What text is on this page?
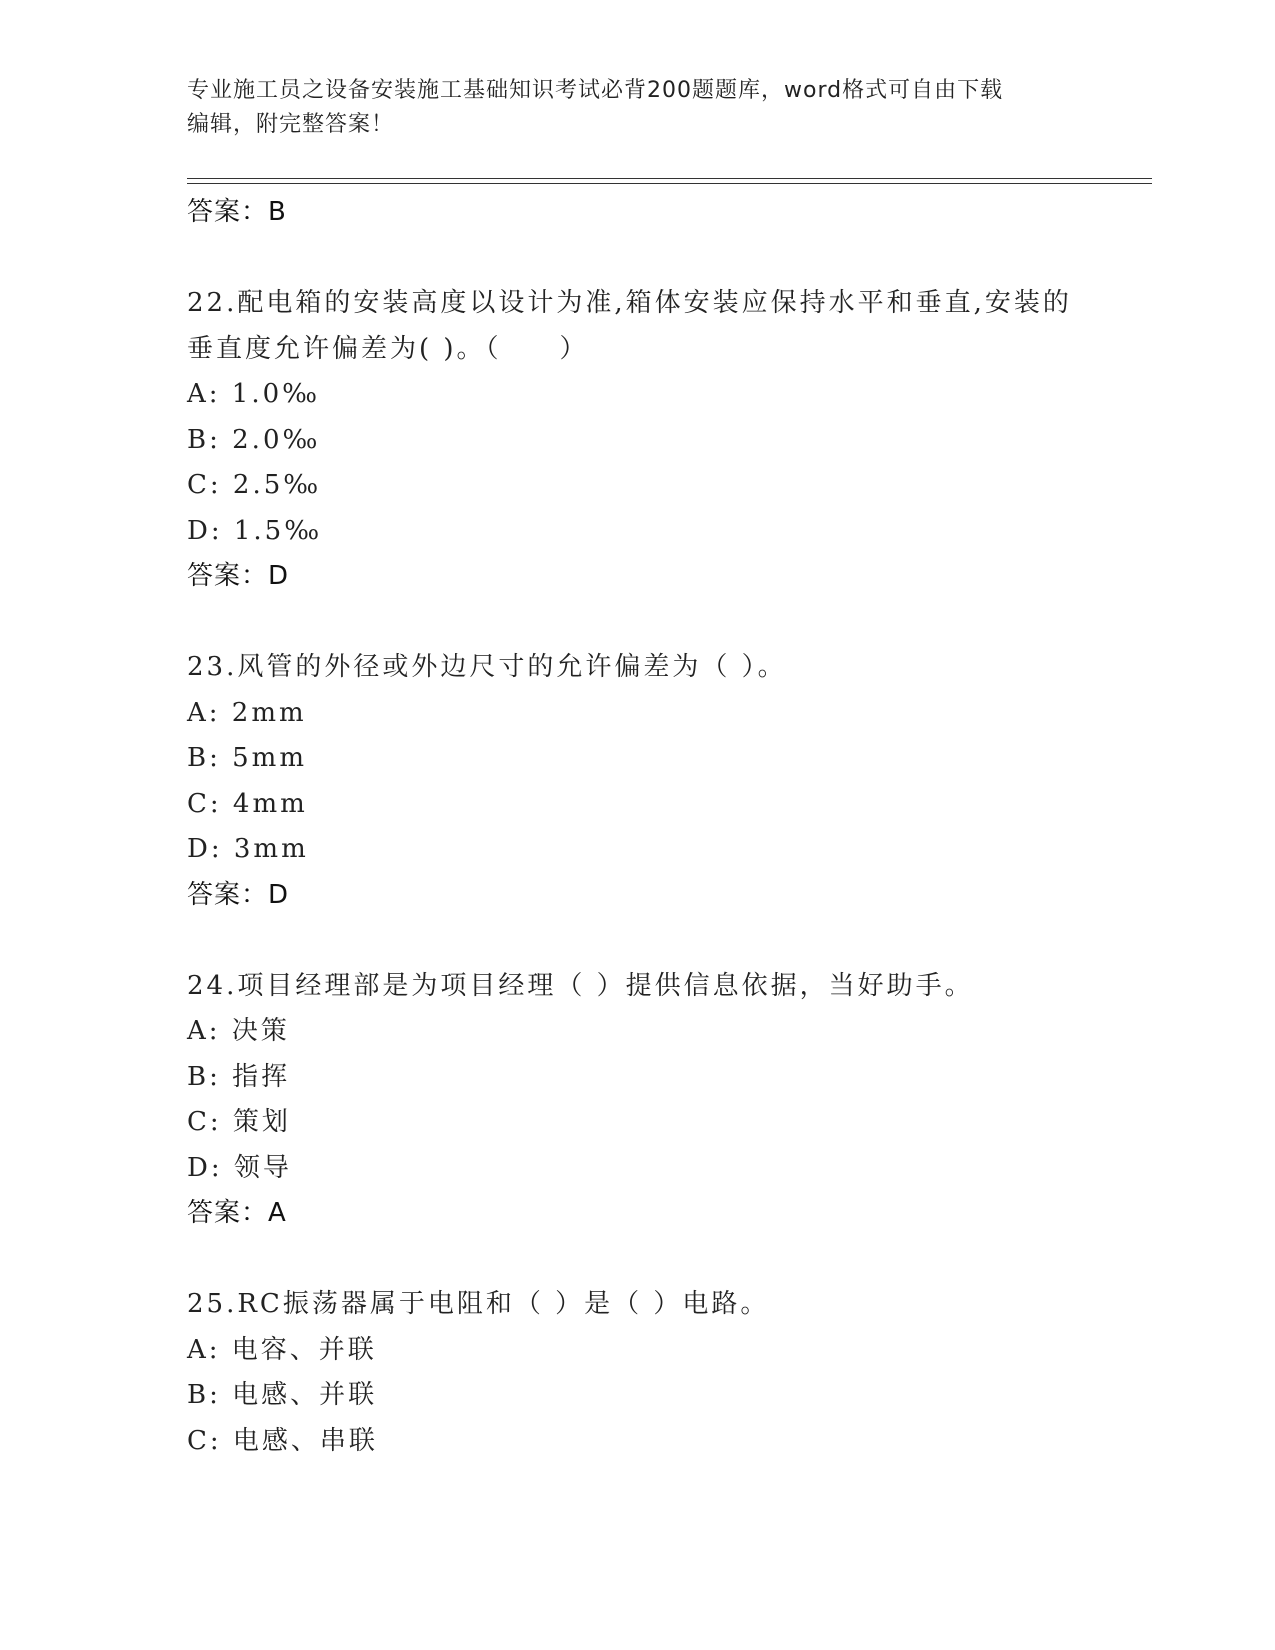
专业施工员之设备安装施工基础知识考试必背200题题库，word格式可自由下载
编辑，附完整答案！
答案：B
22.配电箱的安装高度以设计为准,箱体安装应保持水平和垂直,安装的
垂直度允许偏差为( )。（　　）
A: 1.0‰
B: 2.0‰
C: 2.5‰
D: 1.5‰
答案：D
23.风管的外径或外边尺寸的允许偏差为（ ）。
A: 2mm
B: 5mm
C: 4mm
D: 3mm
答案：D
24.项目经理部是为项目经理（ ）提供信息依据，当好助手。
A: 决策
B: 指挥
C: 策划
D: 领导
答案：A
25.RC振荡器属于电阻和（ ）是（ ）电路。
A: 电容、并联
B: 电感、并联
C: 电感、串联
